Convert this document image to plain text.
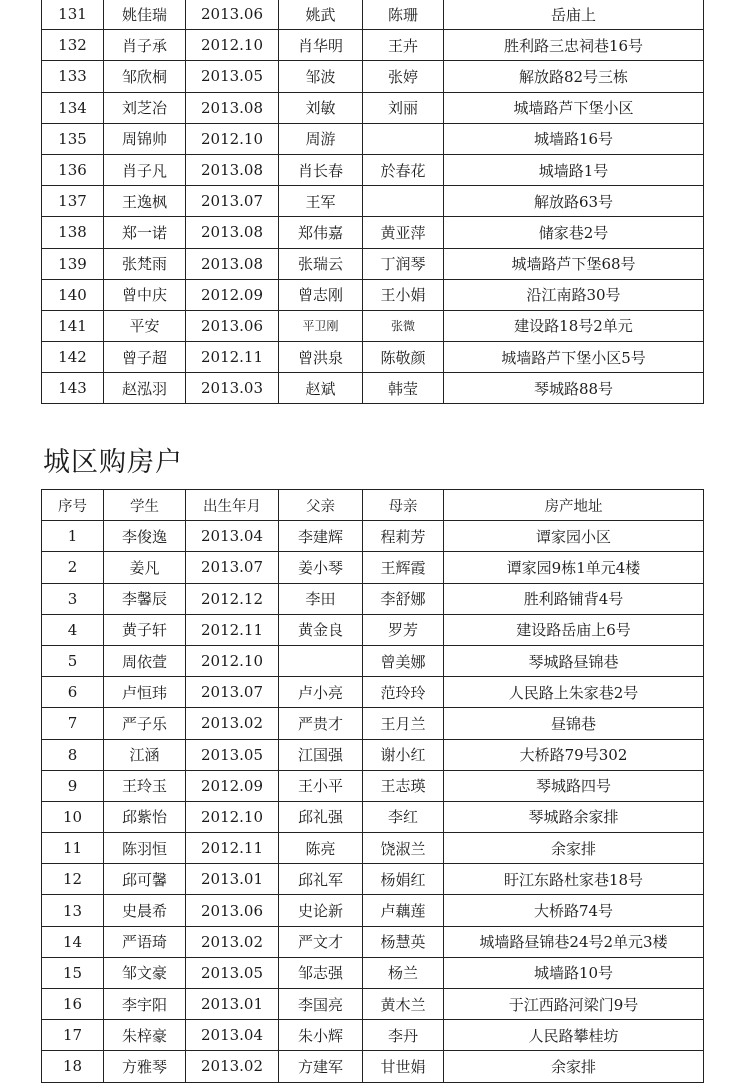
131	姚佳瑞	2013.06	姚武	陈珊	岳庙上
132	肖子承	2012.10	肖华明	王卉	胜利路三忠祠巷16号
133	邹欣桐	2013.05	邹波	张婷	解放路82号三栋
134	刘芝冶	2013.08	刘敏	刘丽	城墙路芦下堡小区
135	周锦帅	2012.10	周游		城墙路16号
136	肖子凡	2013.08	肖长春	於春花	城墙路1号
137	王逸枫	2013.07	王军		解放路63号
138	郑一诺	2013.08	郑伟嘉	黄亚萍	储家巷2号
139	张梵雨	2013.08	张瑞云	丁润琴	城墙路芦下堡68号
140	曾中庆	2012.09	曾志刚	王小娟	沿江南路30号
141	平安	2013.06	平卫刚	张微	建设路18号2单元
142	曾子超	2012.11	曾洪泉	陈敬颜	城墙路芦下堡小区5号
143	赵泓羽	2013.03	赵斌	韩莹	琴城路88号
城区购房户
序号	学生	出生年月	父亲	母亲	房产地址
1	李俊逸	2013.04	李建辉	程莉芳	谭家园小区
2	姜凡	2013.07	姜小琴	王辉霞	谭家园9栋1单元4楼
3	李馨辰	2012.12	李田	李舒娜	胜利路铺背4号
4	黄子轩	2012.11	黄金良	罗芳	建设路岳庙上6号
5	周依萱	2012.10		曾美娜	琴城路昼锦巷
6	卢恒玮	2013.07	卢小亮	范玲玲	人民路上朱家巷2号
7	严子乐	2013.02	严贵才	王月兰	昼锦巷
8	江涵	2013.05	江国强	谢小红	大桥路79号302
9	王玲玉	2012.09	王小平	王志瑛	琴城路四号
10	邱紫怡	2012.10	邱礼强	李红	琴城路余家排
11	陈羽恒	2012.11	陈亮	饶淑兰	余家排
12	邱可馨	2013.01	邱礼军	杨娟红	盱江东路杜家巷18号
13	史晨希	2013.06	史论新	卢藕莲	大桥路74号
14	严语琦	2013.02	严文才	杨慧英	城墙路昼锦巷24号2单元3楼
15	邹文豪	2013.05	邹志强	杨兰	城墙路10号
16	李宇阳	2013.01	李国亮	黄木兰	于江西路河梁门9号
17	朱梓豪	2013.04	朱小辉	李丹	人民路攀桂坊
18	方雅琴	2013.02	方建军	甘世娟	余家排
